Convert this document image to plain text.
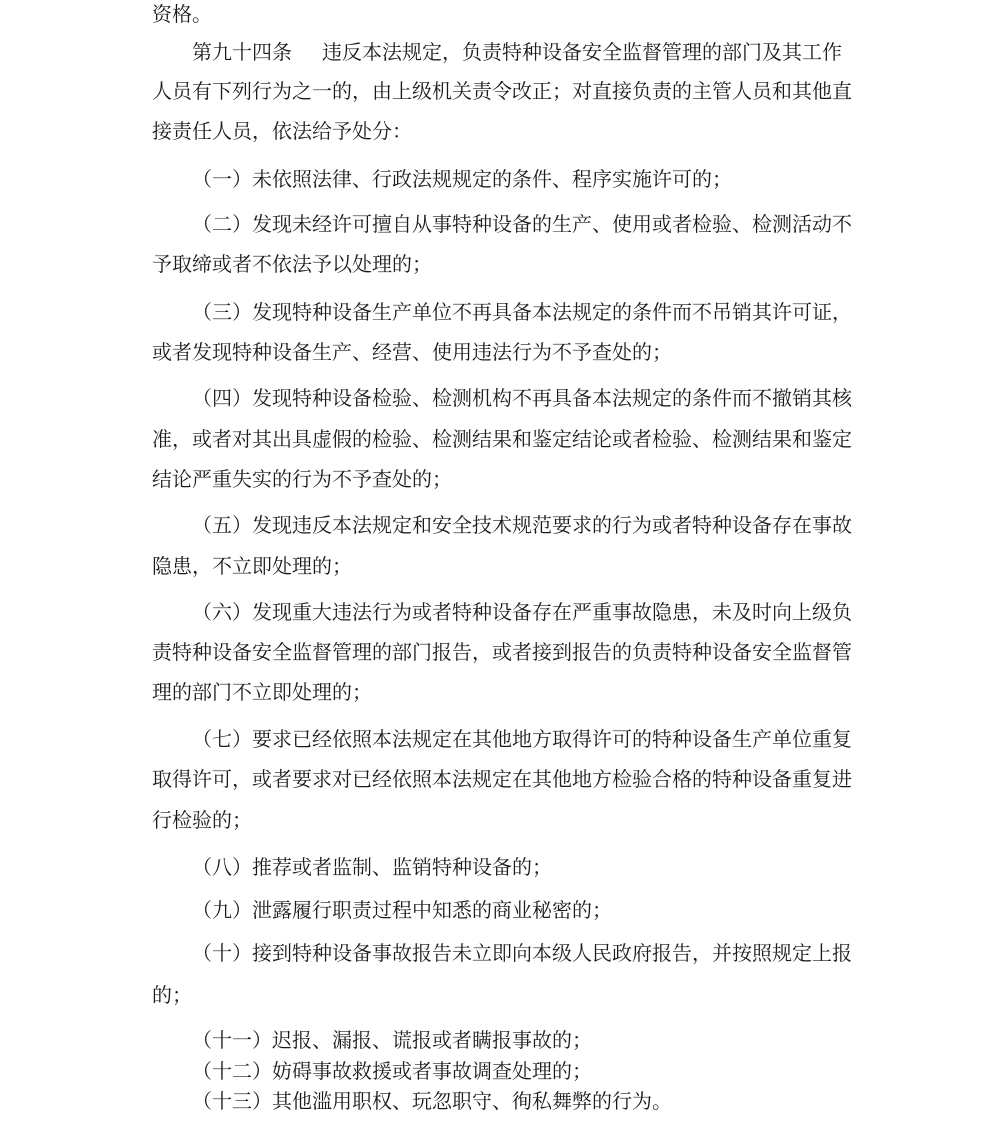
资格。
第九十四条 违反本法规定，负责特种设备安全监督管理的部门及其工作
人员有下列行为之一的，由上级机关责令改正；对直接负责的主管人员和其他直
接责任人员，依法给予处分：
（一）未依照法律、行政法规规定的条件、程序实施许可的；
（二）发现未经许可擅自从事特种设备的生产、使用或者检验、检测活动不
予取缔或者不依法予以处理的；
（三）发现特种设备生产单位不再具备本法规定的条件而不吊销其许可证，
或者发现特种设备生产、经营、使用违法行为不予查处的；
（四）发现特种设备检验、检测机构不再具备本法规定的条件而不撤销其核
准，或者对其出具虚假的检验、检测结果和鉴定结论或者检验、检测结果和鉴定
结论严重失实的行为不予查处的；
（五）发现违反本法规定和安全技术规范要求的行为或者特种设备存在事故
隐患，不立即处理的；
（六）发现重大违法行为或者特种设备存在严重事故隐患，未及时向上级负
责特种设备安全监督管理的部门报告，或者接到报告的负责特种设备安全监督管
理的部门不立即处理的；
（七）要求已经依照本法规定在其他地方取得许可的特种设备生产单位重复
取得许可，或者要求对已经依照本法规定在其他地方检验合格的特种设备重复进
行检验的；
（八）推荐或者监制、监销特种设备的；
（九）泄露履行职责过程中知悉的商业秘密的；
（十）接到特种设备事故报告未立即向本级人民政府报告，并按照规定上报
的；
（十一）迟报、漏报、谎报或者瞒报事故的；
（十二）妨碍事故救援或者事故调查处理的；
（十三）其他滥用职权、玩忽职守、徇私舞弊的行为。
